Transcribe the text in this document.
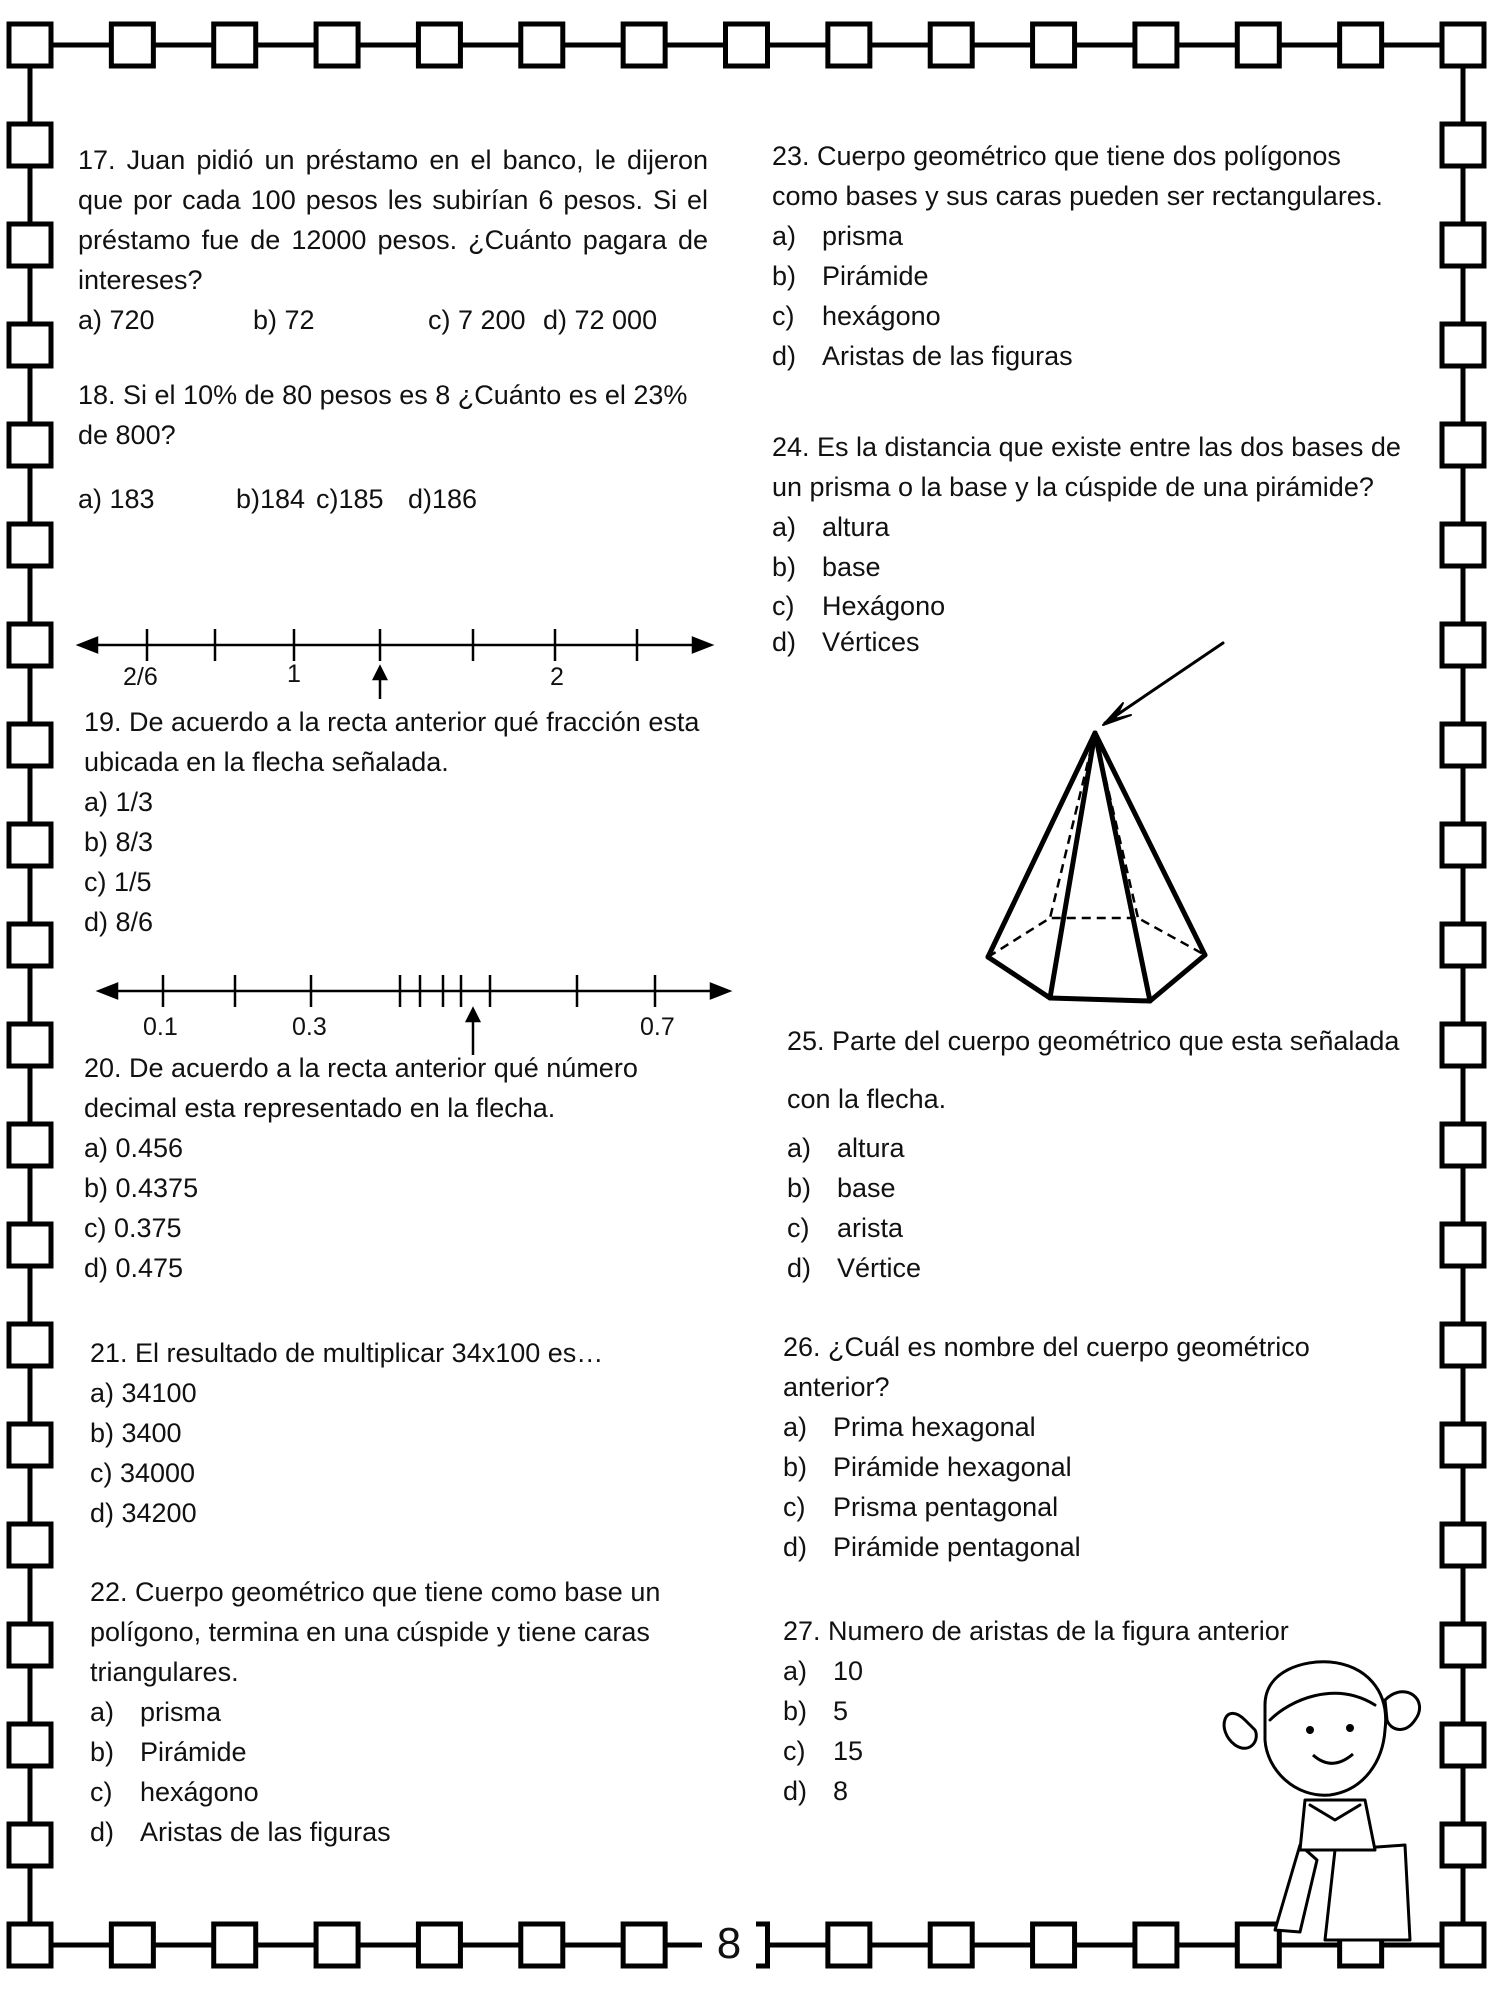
17. Juan pidió un préstamo en el banco, le dijeron que por cada 100 pesos les subirían 6 pesos. Si el préstamo fue de 12000 pesos. ¿Cuánto pagara de intereses?

a) 720	b) 72	c) 7 200 d) 72 000

18. Si el 10% de 80 pesos es 8 ¿Cuánto es el 23% de 800?

a) 183	b)184 c)185 d)186
2/6	1	2

19. De acuerdo a la recta anterior qué fracción esta ubicada en la flecha señalada.

a) 1/3
b) 8/3
c) 1/5
d) 8/6
0.1	0.3	0.7

20. De acuerdo a la recta anterior qué número decimal esta representado en la flecha.

a) 0.456
b) 0.4375
c) 0.375
d) 0.475

21. El resultado de multiplicar 34x100 es…

a) 34100
b) 3400
c) 34000
d) 34200

22. Cuerpo geométrico que tiene como base un polígono, termina en una cúspide y tiene caras triangulares.

a) prisma
b) Pirámide
c)	hexágono
d) Aristas de las figuras

23. Cuerpo geométrico que tiene dos polígonos como bases y sus caras pueden ser rectangulares.

a) prisma
b) Pirámide
c)	hexágono
d) Aristas de las figuras

24. Es la distancia que existe entre las dos bases de un prisma o la base y la cúspide de una pirámide?

a) altura
b) base
c)	Hexágono
d) Vértices

25. Parte del cuerpo geométrico que esta señalada con la flecha.

a) altura
b) base
c)	arista
d) Vértice

26. ¿Cuál es nombre del cuerpo geométrico anterior?

a) Prima hexagonal
b) Pirámide hexagonal
c)	Prisma pentagonal
d) Pirámide pentagonal

27. Numero de aristas de la figura anterior

a) 10
b) 5
c)	15
d) 8
8
